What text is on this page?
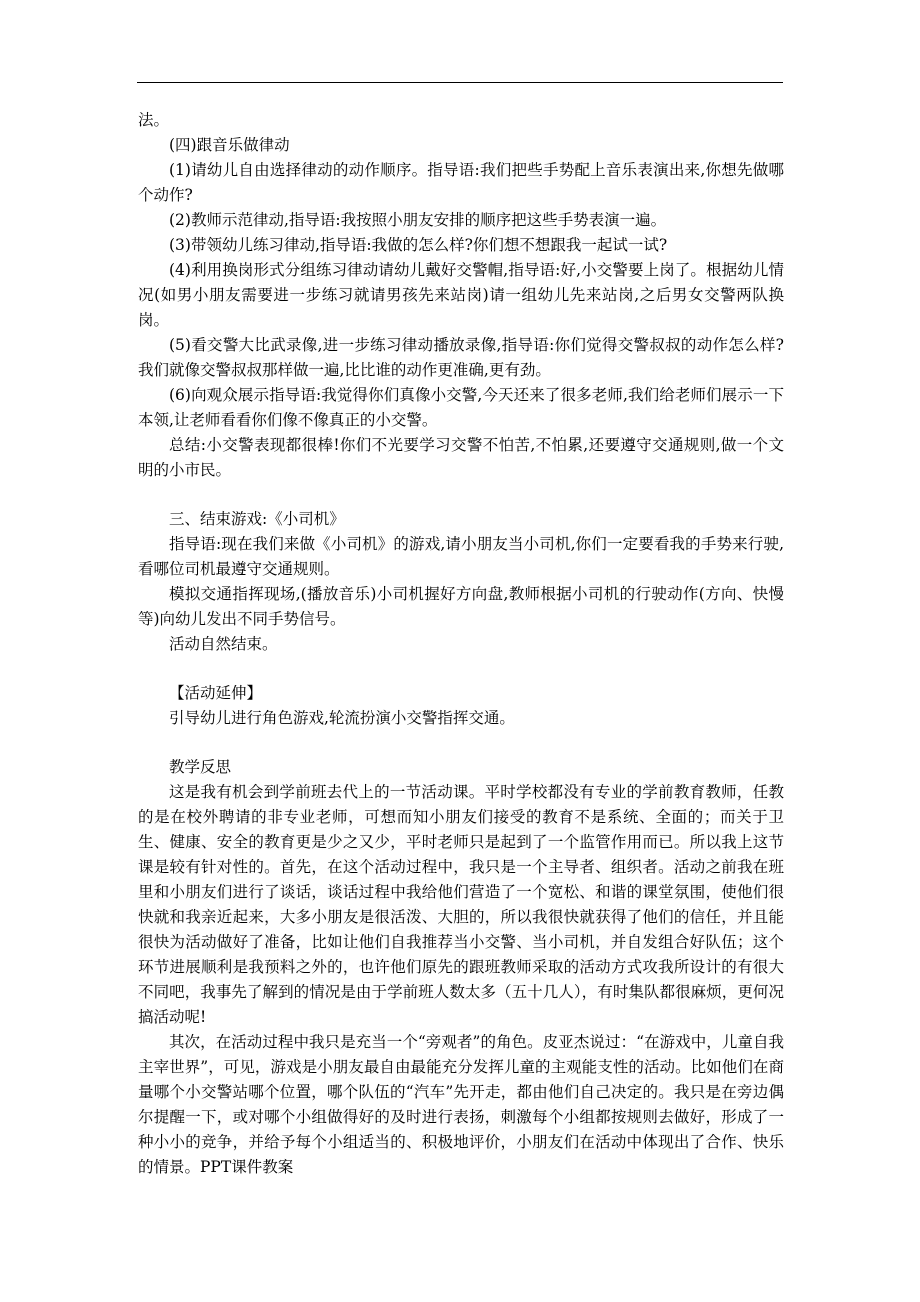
法。

(四)跟音乐做律动

(1)请幼儿自由选择律动的动作顺序。指导语:我们把些手势配上音乐表演出来,你想先做哪个动作?

(2)教师示范律动,指导语:我按照小朋友安排的顺序把这些手势表演一遍。

(3)带领幼儿练习律动,指导语:我做的怎么样?你们想不想跟我一起试一试?

(4)利用换岗形式分组练习律动请幼儿戴好交警帽,指导语:好,小交警要上岗了。根据幼儿情况(如男小朋友需要进一步练习就请男孩先来站岗)请一组幼儿先来站岗,之后男女交警两队换岗。

(5)看交警大比武录像,进一步练习律动播放录像,指导语:你们觉得交警叔叔的动作怎么样?我们就像交警叔叔那样做一遍,比比谁的动作更准确,更有劲。

(6)向观众展示指导语:我觉得你们真像小交警,今天还来了很多老师,我们给老师们展示一下本领,让老师看看你们像不像真正的小交警。

总结:小交警表现都很棒!你们不光要学习交警不怕苦,不怕累,还要遵守交通规则,做一个文明的小市民。

三、结束游戏:《小司机》

指导语:现在我们来做《小司机》的游戏,请小朋友当小司机,你们一定要看我的手势来行驶,看哪位司机最遵守交通规则。

模拟交通指挥现场,(播放音乐)小司机握好方向盘,教师根据小司机的行驶动作(方向、快慢等)向幼儿发出不同手势信号。

活动自然结束。

【活动延伸】

引导幼儿进行角色游戏,轮流扮演小交警指挥交通。

教学反思

这是我有机会到学前班去代上的一节活动课。平时学校都没有专业的学前教育教师，任教的是在校外聘请的非专业老师，可想而知小朋友们接受的教育不是系统、全面的；而关于卫生、健康、安全的教育更是少之又少，平时老师只是起到了一个监管作用而已。所以我上这节课是较有针对性的。首先，在这个活动过程中，我只是一个主导者、组织者。活动之前我在班里和小朋友们进行了谈话，谈话过程中我给他们营造了一个宽松、和谐的课堂氛围，使他们很快就和我亲近起来，大多小朋友是很活泼、大胆的，所以我很快就获得了他们的信任，并且能很快为活动做好了准备，比如让他们自我推荐当小交警、当小司机，并自发组合好队伍；这个环节进展顺利是我预料之外的，也许他们原先的跟班教师采取的活动方式攻我所设计的有很大不同吧，我事先了解到的情况是由于学前班人数太多（五十几人），有时集队都很麻烦，更何况搞活动呢!

其次，在活动过程中我只是充当一个“旁观者”的角色。皮亚杰说过：“在游戏中，儿童自我主宰世界”，可见，游戏是小朋友最自由最能充分发挥儿童的主观能支性的活动。比如他们在商量哪个小交警站哪个位置，哪个队伍的“汽车”先开走，都由他们自己决定的。我只是在旁边偶尔提醒一下，或对哪个小组做得好的及时进行表扬，刺激每个小组都按规则去做好，形成了一种小小的竞争，并给予每个小组适当的、积极地评价，小朋友们在活动中体现出了合作、快乐的情景。PPT课件教案
